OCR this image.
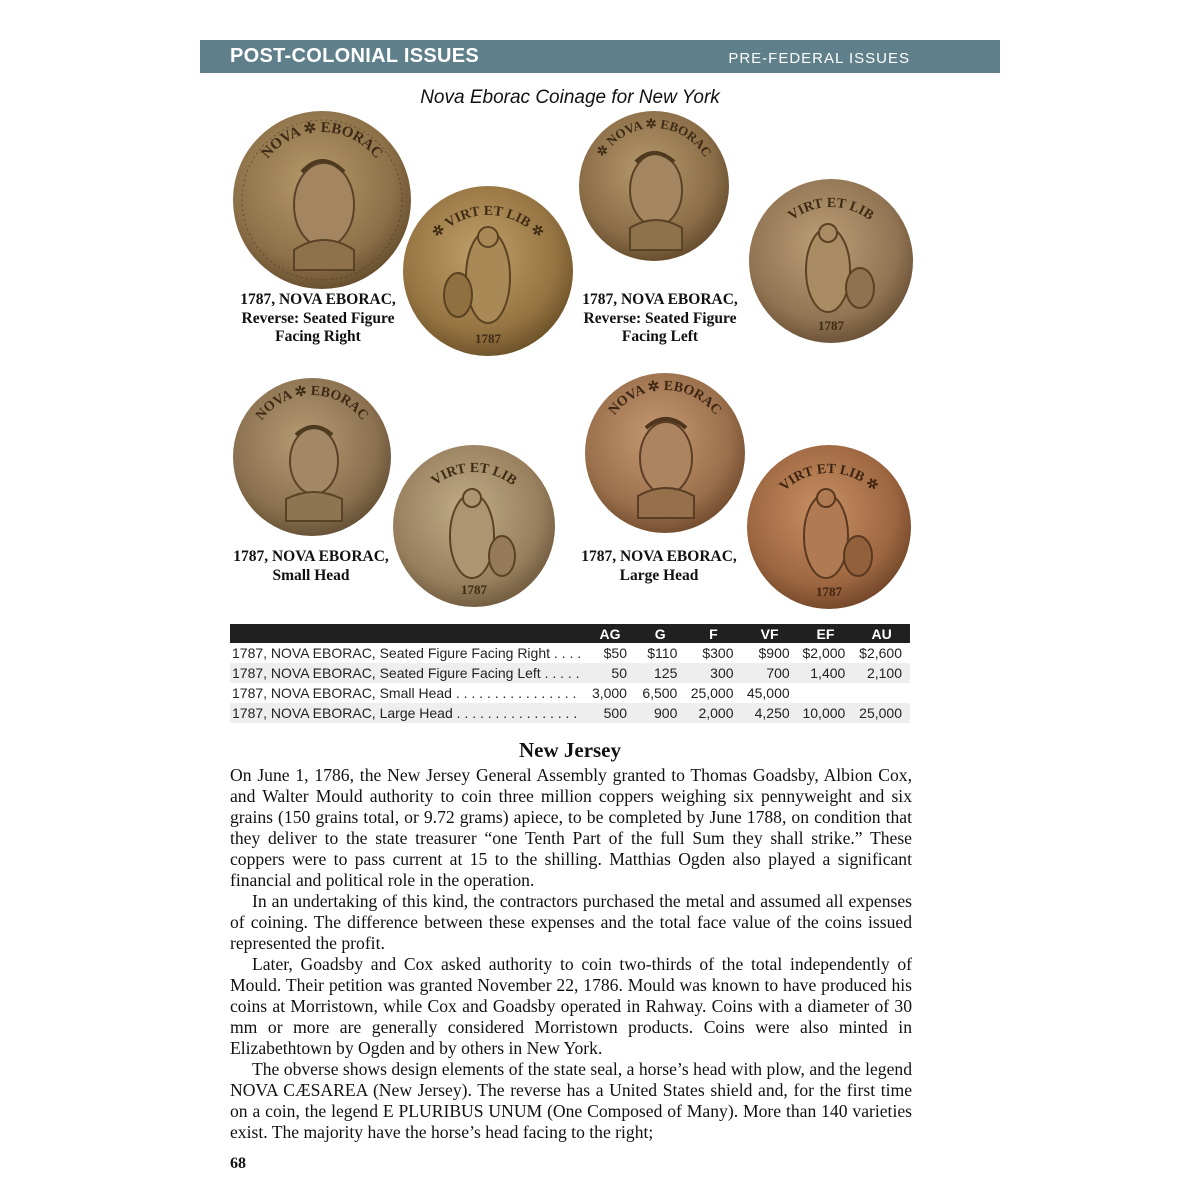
POST-COLONIAL ISSUES	PRE-FEDERAL ISSUES
Nova Eborac Coinage for New York
NOVA ✲ EBORAC
1787
✲ VIRT ET LIB ✲
1787, NOVA EBORAC,
Reverse: Seated Figure
Facing Right
✲ NOVA ✲ EBORAC
1787
VIRT ET LIB
1787, NOVA EBORAC,
Reverse: Seated Figure
Facing Left
NOVA ✲ EBORAC
1787
VIRT ET LIB
1787, NOVA EBORAC,
Small Head
NOVA ✲ EBORAC
1787
VIRT ET LIB ✲
1787, NOVA EBORAC,
Large Head
	AG	G	F	VF	EF	AU
1787, NOVA EBORAC, Seated Figure Facing Right . . . .	$50	$110	$300	$900	$2,000	$2,600
1787, NOVA EBORAC, Seated Figure Facing Left . . . . .	50	125	300	700	1,400	2,100
1787, NOVA EBORAC, Small Head . . . . . . . . . . . . . . . .	3,000	6,500	25,000	45,000		
1787, NOVA EBORAC, Large Head . . . . . . . . . . . . . . . .	500	900	2,000	4,250	10,000	25,000
New Jersey

On June 1, 1786, the New Jersey General Assembly granted to Thomas Goadsby, Albion Cox, and Walter Mould authority to coin three million coppers weighing six pennyweight and six grains (150 grains total, or 9.72 grams) apiece, to be completed by June 1788, on condition that they deliver to the state treasurer “one Tenth Part of the full Sum they shall strike.” These coppers were to pass current at 15 to the shilling. Matthias Ogden also played a significant financial and political role in the operation.

In an undertaking of this kind, the contractors purchased the metal and assumed all expenses of coining. The difference between these expenses and the total face value of the coins issued represented the profit.

Later, Goadsby and Cox asked authority to coin two-thirds of the total independently of Mould. Their petition was granted November 22, 1786. Mould was known to have produced his coins at Morristown, while Cox and Goadsby operated in Rahway. Coins with a diameter of 30 mm or more are generally considered Morristown products. Coins were also minted in Elizabethtown by Ogden and by others in New York.

The obverse shows design elements of the state seal, a horse’s head with plow, and the legend NOVA CÆSAREA (New Jersey). The reverse has a United States shield and, for the first time on a coin, the legend E PLURIBUS UNUM (One Composed of Many). More than 140 varieties exist. The majority have the horse’s head facing to the right;

68
